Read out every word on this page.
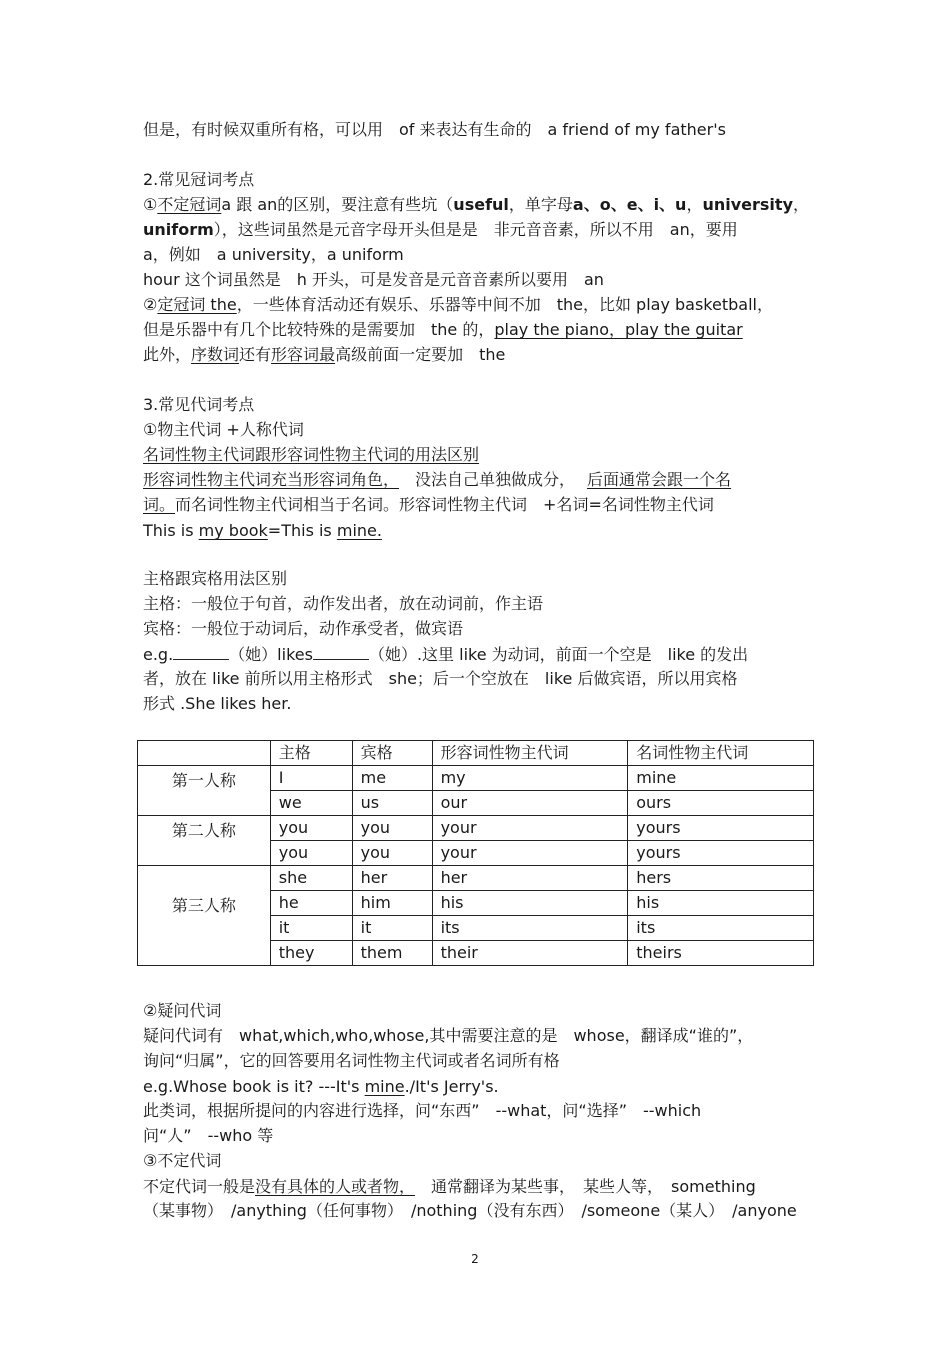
但是，有时候双重所有格，可以用　of 来表达有生命的　a friend of my father's
2.常见冠词考点
①不定冠词a 跟 an的区别，要注意有些坑（useful，单字母a、o、e、i、u，university，
uniform），这些词虽然是元音字母开头但是是　非元音音素，所以不用　an，要用
a，例如　a university，a uniform
hour 这个词虽然是　h 开头，可是发音是元音音素所以要用　an
②定冠词 the，一些体育活动还有娱乐、乐器等中间不加　the，比如 play basketball，
但是乐器中有几个比较特殊的是需要加　the 的，play the piano，play the guitar
此外，序数词还有形容词最高级前面一定要加　the
3.常见代词考点
①物主代词 +人称代词
名词性物主代词跟形容词性物主代词的用法区别
形容词性物主代词充当形容词角色， 没法自己单独做成分， 后面通常会跟一个名
词。而名词性物主代词相当于名词。形容词性物主代词　+名词=名词性物主代词
This is my book=This is mine.
主格跟宾格用法区别
主格：一般位于句首，动作发出者，放在动词前，作主语
宾格：一般位于动词后，动作承受者，做宾语
e.g.	（她）likes	（她）.这里 like 为动词，前面一个空是　like 的发出
者，放在 like 前所以用主格形式　she；后一个空放在　like 后做宾语，所以用宾格
形式 .She likes her.
②疑问代词
疑问代词有　what,which,who,whose,其中需要注意的是　whose，翻译成“谁的”，
询问“归属”，它的回答要用名词性物主代词或者名词所有格
e.g.Whose book is it? ---It's mine./It's Jerry's.
此类词，根据所提问的内容进行选择，问“东西”　--what，问“选择”　--which
问“人”　--who 等
③不定代词
不定代词一般是没有具体的人或者物， 通常翻译为某些事，　某些人等，　something
（某事物）　/anything（任何事物）　/nothing（没有东西）　/someone（某人）　/anyone
	主格	宾格	形容词性物主代词	名词性物主代词
第一人称	I	me	my	mine
	we	us	our	ours
第二人称	you	you	your	yours
	you	you	your	yours
第三人称	she	her	her	hers
	he	him	his	his
	it	it	its	its
	they	them	their	theirs
2
